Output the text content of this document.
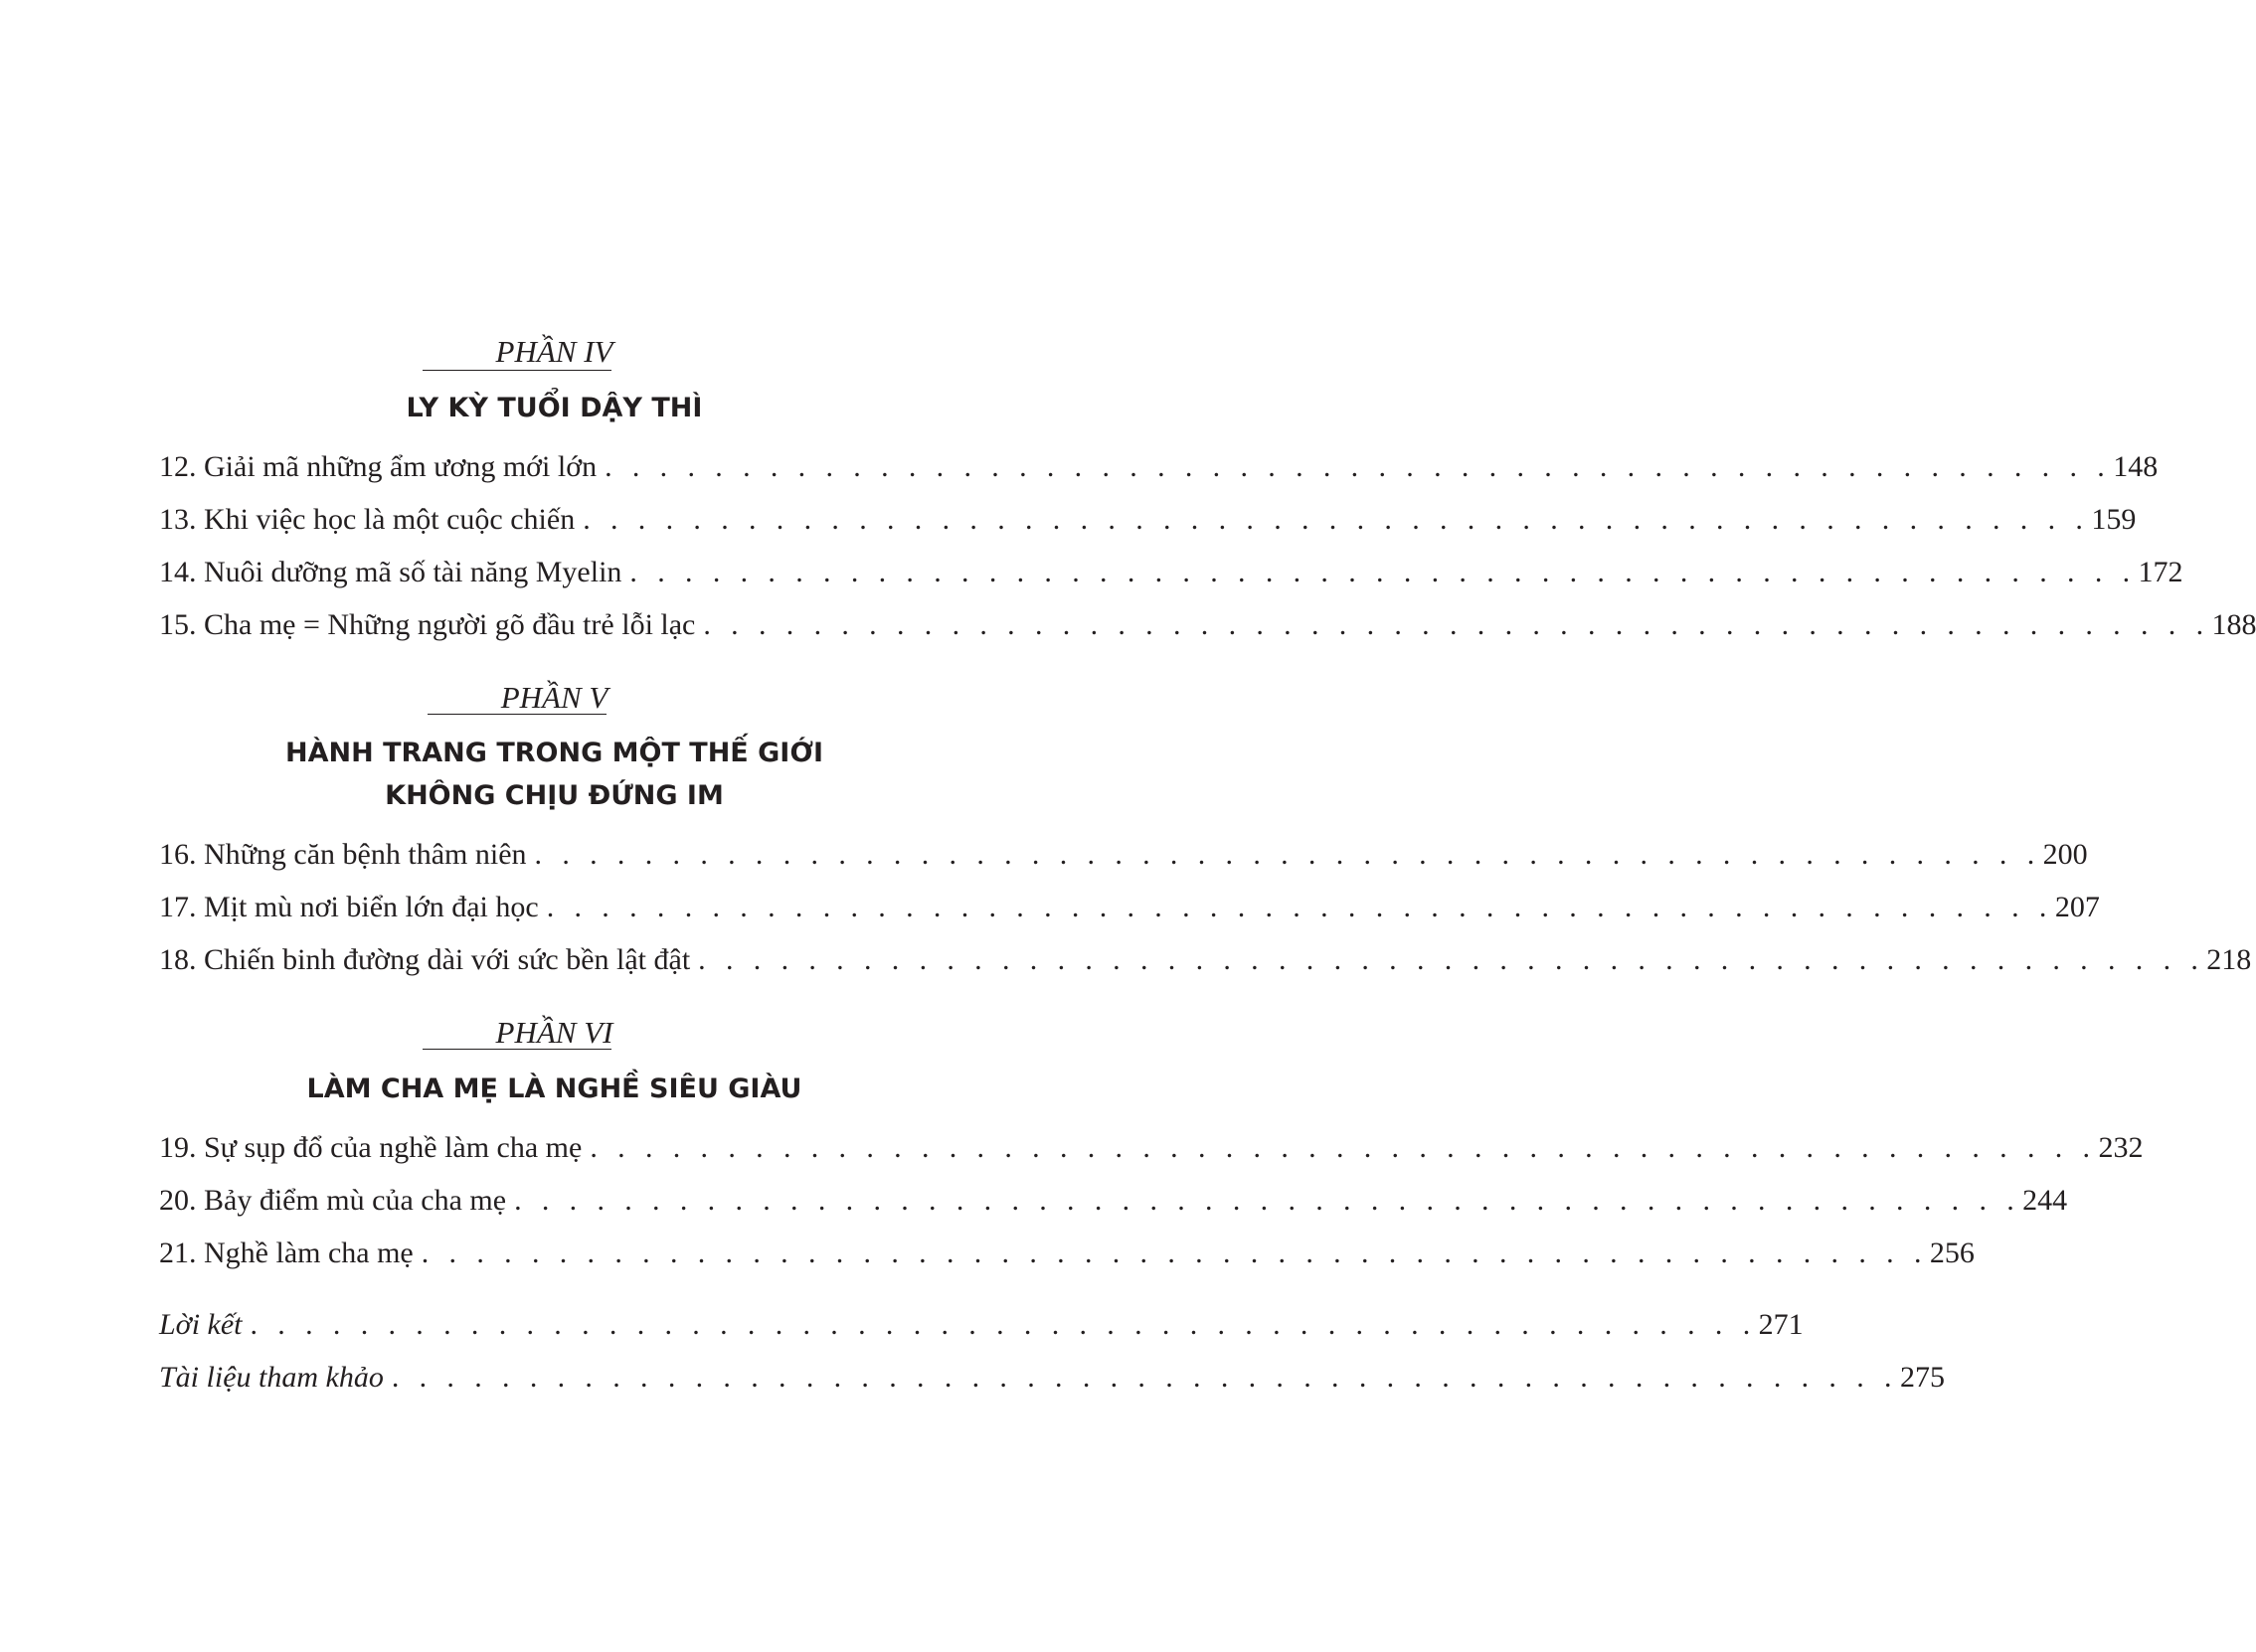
PHẦN IV
LY KỲ TUỔI DẬY THÌ
12. Giải mã những ẩm ương mới lớn . . . . . . . . . . . . . . . . . . . . . . . . . . . . . . . . . . . . . . . . . . . . . . . . . . . . . . . 148
13. Khi việc học là một cuộc chiến . . . . . . . . . . . . . . . . . . . . . . . . . . . . . . . . . . . . . . . . . . . . . . . . . . . . . . . 159
14. Nuôi dưỡng mã số tài năng Myelin . . . . . . . . . . . . . . . . . . . . . . . . . . . . . . . . . . . . . . . . . . . . . . . . . . . . . . . 172
15. Cha mẹ = Những người gõ đầu trẻ lỗi lạc . . . . . . . . . . . . . . . . . . . . . . . . . . . . . . . . . . . . . . . . . . . . . . . . . . . . . . . 188
PHẦN V
HÀNH TRANG TRONG MỘT THẾ GIỚI
KHÔNG CHỊU ĐỨNG IM
16. Những căn bệnh thâm niên . . . . . . . . . . . . . . . . . . . . . . . . . . . . . . . . . . . . . . . . . . . . . . . . . . . . . . . 200
17. Mịt mù nơi biển lớn đại học . . . . . . . . . . . . . . . . . . . . . . . . . . . . . . . . . . . . . . . . . . . . . . . . . . . . . . . 207
18. Chiến binh đường dài với sức bền lật đật . . . . . . . . . . . . . . . . . . . . . . . . . . . . . . . . . . . . . . . . . . . . . . . . . . . . . . . 218
PHẦN VI
LÀM CHA MẸ LÀ NGHỀ SIÊU GIÀU
19. Sự sụp đổ của nghề làm cha mẹ . . . . . . . . . . . . . . . . . . . . . . . . . . . . . . . . . . . . . . . . . . . . . . . . . . . . . . . 232
20. Bảy điểm mù của cha mẹ . . . . . . . . . . . . . . . . . . . . . . . . . . . . . . . . . . . . . . . . . . . . . . . . . . . . . . . 244
21. Nghề làm cha mẹ . . . . . . . . . . . . . . . . . . . . . . . . . . . . . . . . . . . . . . . . . . . . . . . . . . . . . . . 256
Lời kết . . . . . . . . . . . . . . . . . . . . . . . . . . . . . . . . . . . . . . . . . . . . . . . . . . . . . . . 271
Tài liệu tham khảo . . . . . . . . . . . . . . . . . . . . . . . . . . . . . . . . . . . . . . . . . . . . . . . . . . . . . . . 275
